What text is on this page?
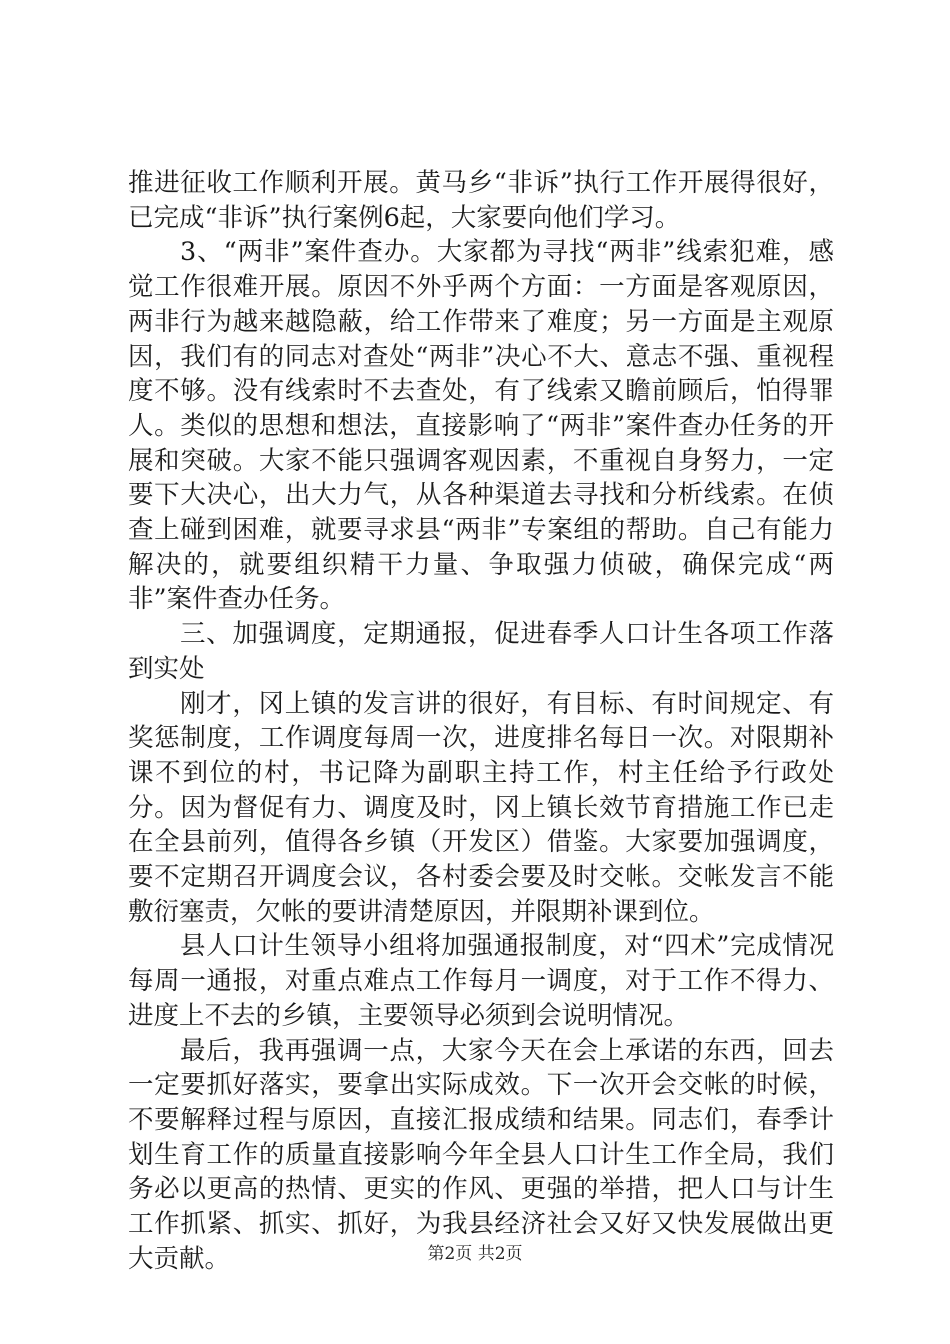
推进征收工作顺利开展。黄马乡“非诉”执行工作开展得很好，已完成“非诉”执行案例6起，大家要向他们学习。

3、“两非”案件查办。大家都为寻找“两非”线索犯难，感觉工作很难开展。原因不外乎两个方面：一方面是客观原因，两非行为越来越隐蔽，给工作带来了难度；另一方面是主观原因，我们有的同志对查处“两非”决心不大、意志不强、重视程度不够。没有线索时不去查处，有了线索又瞻前顾后，怕得罪人。类似的思想和想法，直接影响了“两非”案件查办任务的开展和突破。大家不能只强调客观因素，不重视自身努力，一定要下大决心，出大力气，从各种渠道去寻找和分析线索。在侦查上碰到困难，就要寻求县“两非”专案组的帮助。自己有能力解决的，就要组织精干力量、争取强力侦破，确保完成“两非”案件查办任务。

三、加强调度，定期通报，促进春季人口计生各项工作落到实处

刚才，冈上镇的发言讲的很好，有目标、有时间规定、有奖惩制度，工作调度每周一次，进度排名每日一次。对限期补课不到位的村，书记降为副职主持工作，村主任给予行政处分。因为督促有力、调度及时，冈上镇长效节育措施工作已走在全县前列，值得各乡镇（开发区）借鉴。大家要加强调度，要不定期召开调度会议，各村委会要及时交帐。交帐发言不能敷衍塞责，欠帐的要讲清楚原因，并限期补课到位。

县人口计生领导小组将加强通报制度，对“四术”完成情况每周一通报，对重点难点工作每月一调度，对于工作不得力、进度上不去的乡镇，主要领导必须到会说明情况。

最后，我再强调一点，大家今天在会上承诺的东西，回去一定要抓好落实，要拿出实际成效。下一次开会交帐的时候，不要解释过程与原因，直接汇报成绩和结果。同志们，春季计划生育工作的质量直接影响今年全县人口计生工作全局，我们务必以更高的热情、更实的作风、更强的举措，把人口与计生工作抓紧、抓实、抓好，为我县经济社会又好又快发展做出更大贡献。	第2页 共2页
